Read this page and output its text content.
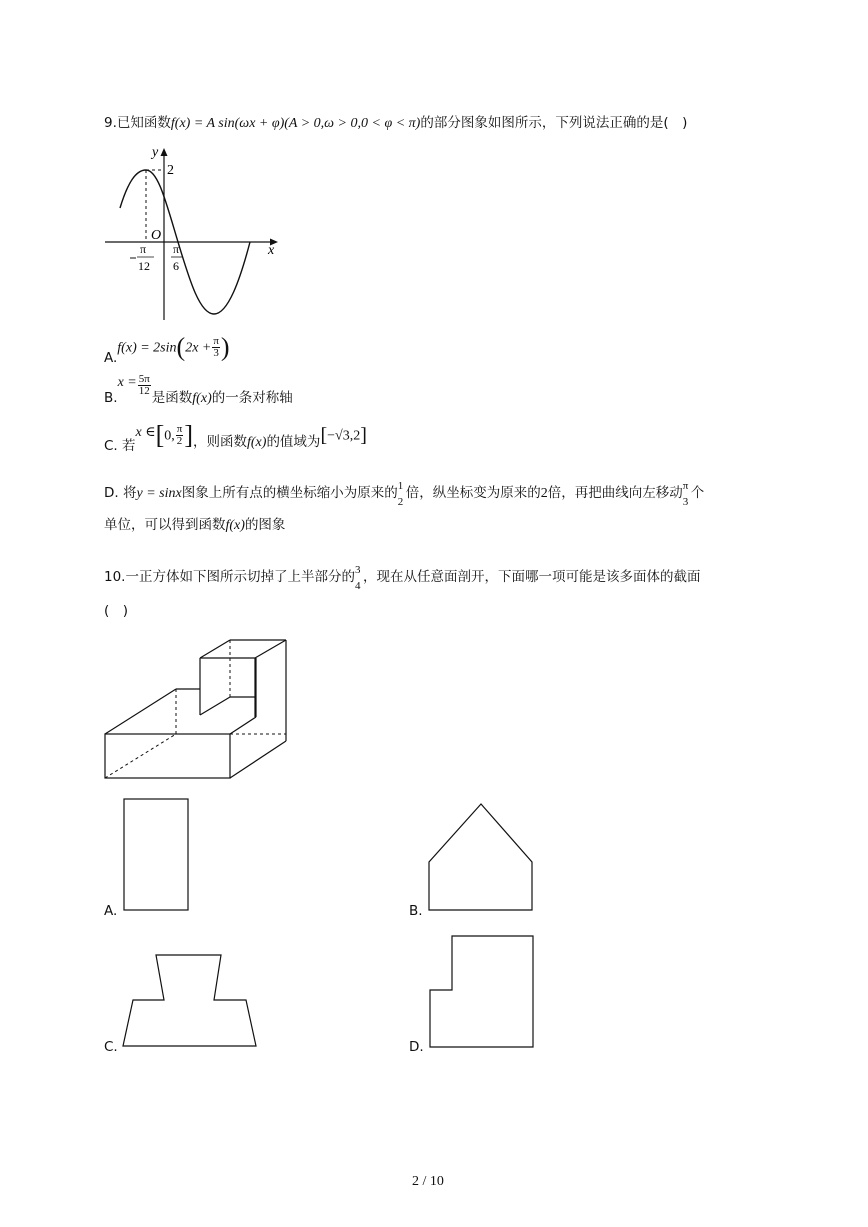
9.已知函数f(x) = A sin(ωx + φ)(A > 0,ω > 0,0 < φ < π)的部分图象如图所示，下列说法正确的是(　)
y
x
2
O
π
12
π
6
$A.f(x) = 2\sin(2x + \frac{\pi}{3}$ )
$B.x = \frac{5\pi}{12}$
是函数f(x)的一条对称轴
C. 若x ∈[0, $\frac{\pi}{2}$ ]，则函数f(x)的值域为[−√3,2]
D. 将y = sinx图象上所有点的横坐标缩小为原来的 1
2
倍，纵坐标变为原来的2倍，再把曲线向左移动 π
3
个
单位，可以得到函数f(x)的图象
10.一正方体如下图所示切掉了上半部分的 3
4
，现在从任意面剖开，下面哪一项可能是该多面体的截面
(　)
A.	B.
C.	D.
2 / 10
